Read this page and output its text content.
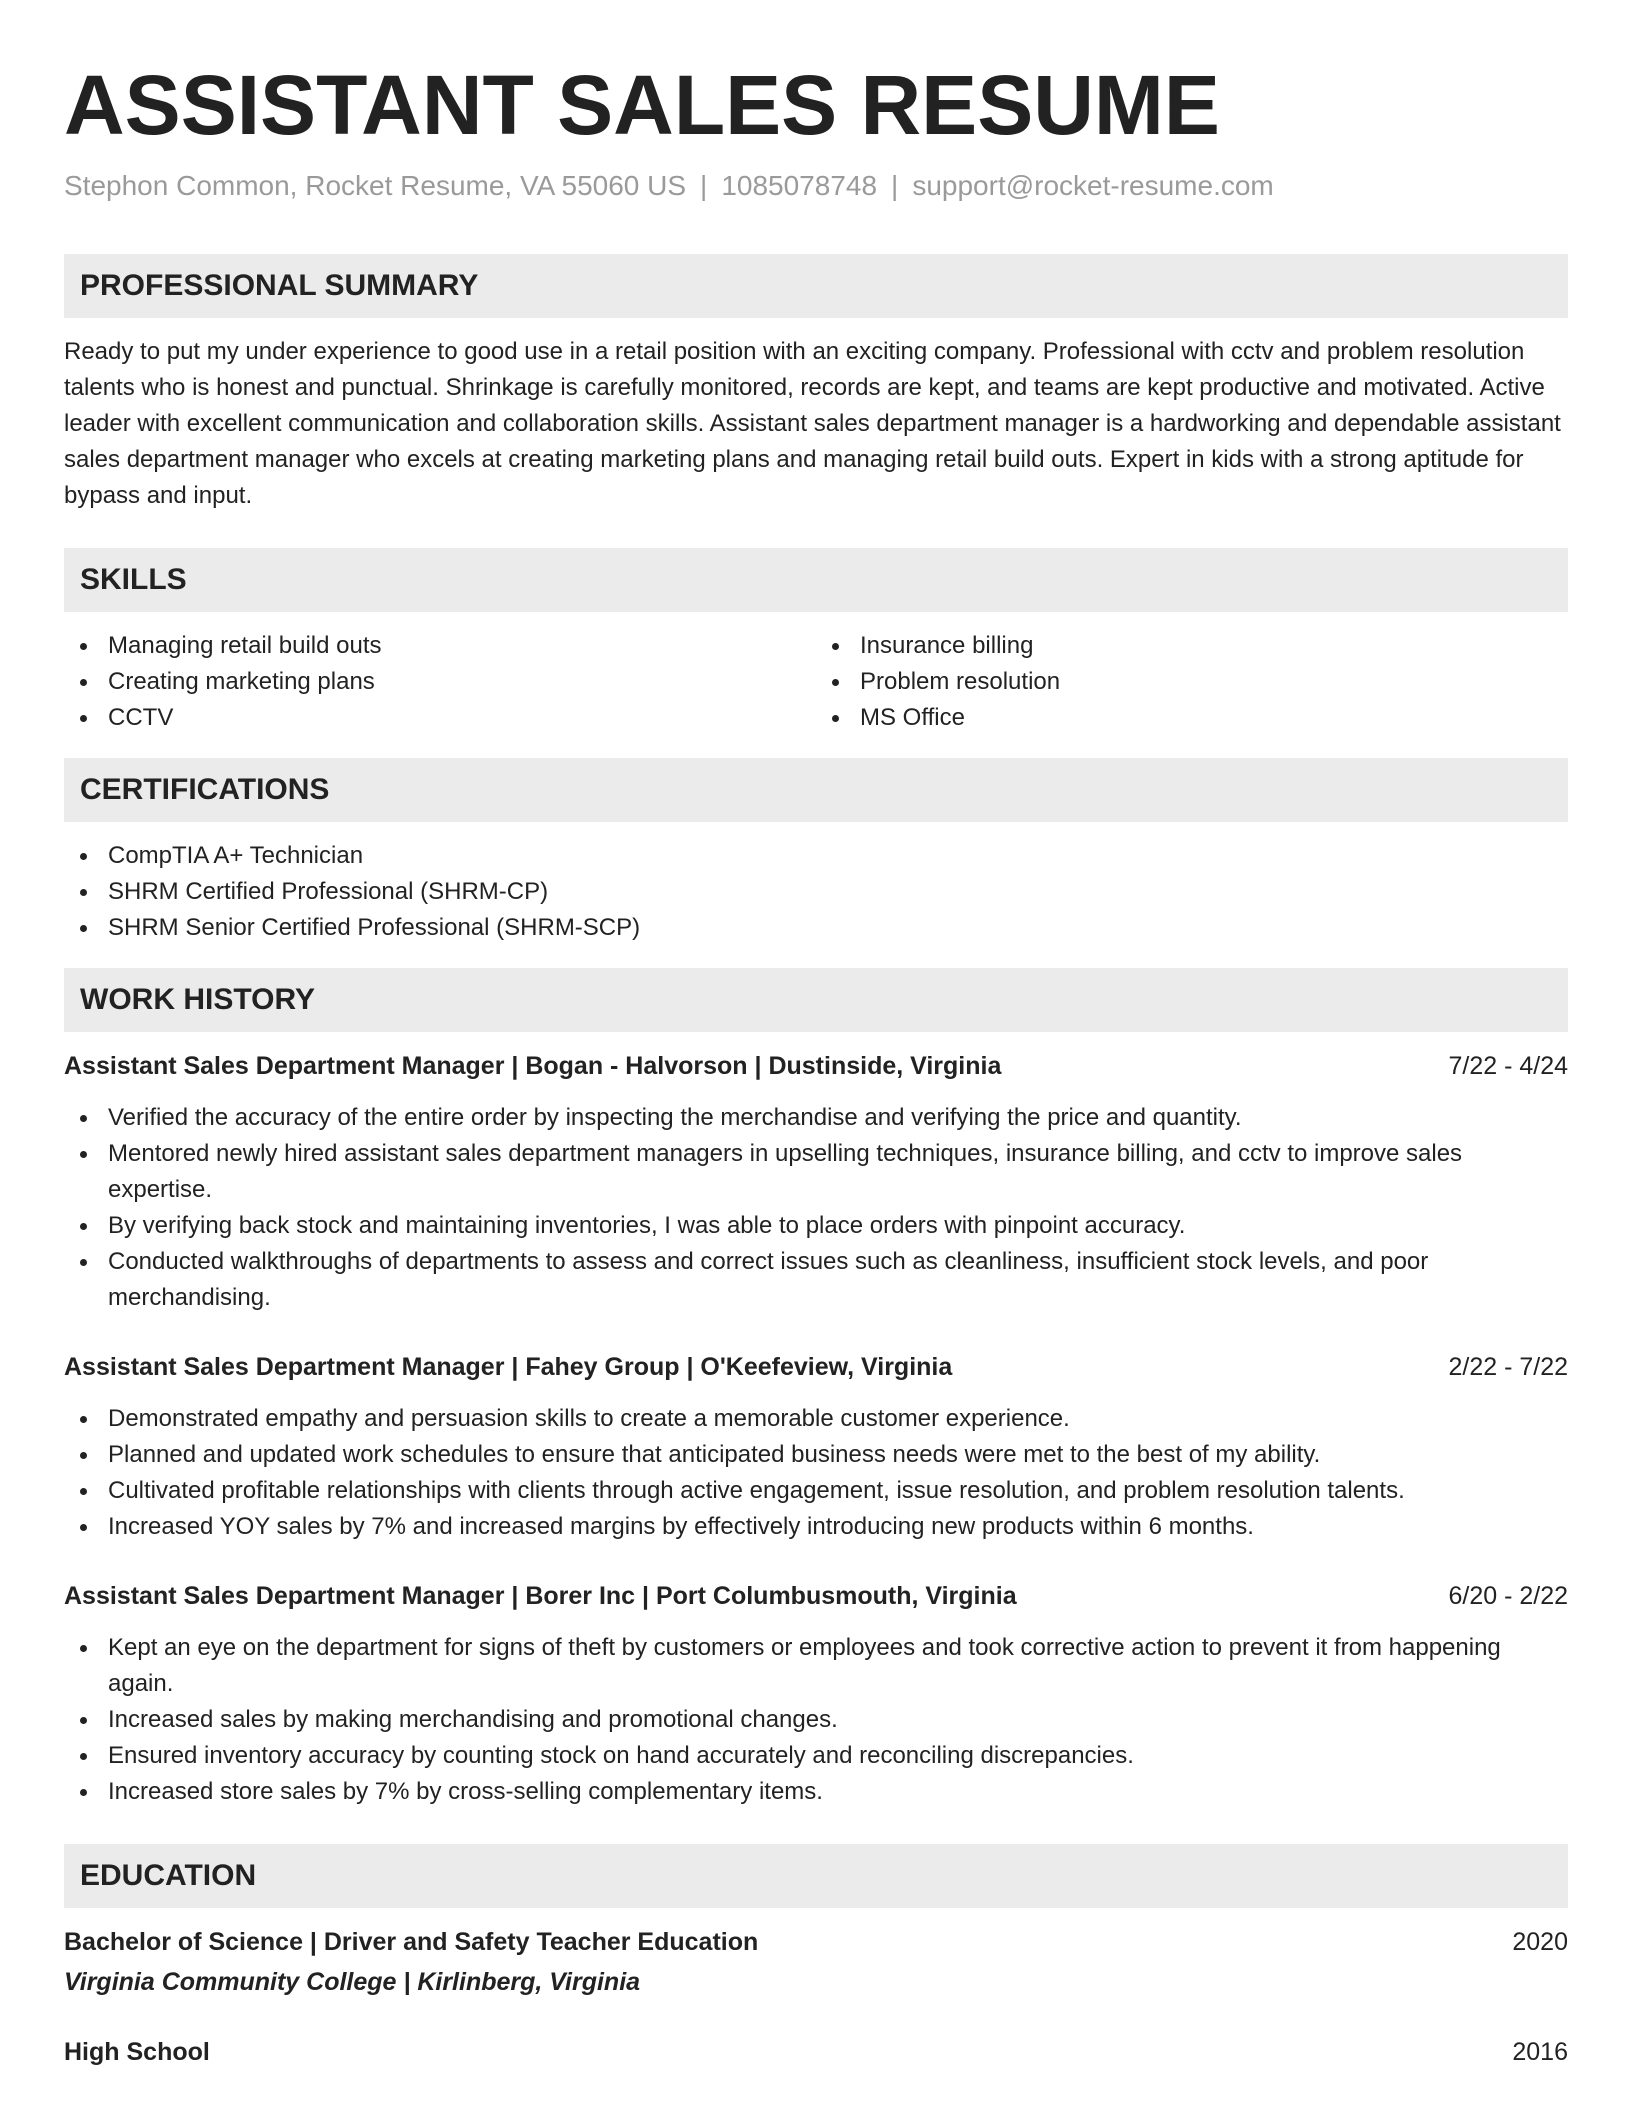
ASSISTANT SALES RESUME
Stephon Common, Rocket Resume, VA 55060 US | 1085078748 | support@rocket-resume.com
PROFESSIONAL SUMMARY

Ready to put my under experience to good use in a retail position with an exciting company. Professional with cctv and problem resolution talents who is honest and punctual. Shrinkage is carefully monitored, records are kept, and teams are kept productive and motivated. Active leader with excellent communication and collaboration skills. Assistant sales department manager is a hardworking and dependable assistant sales department manager who excels at creating marketing plans and managing retail build outs. Expert in kids with a strong aptitude for bypass and input.

SKILLS
Managing retail build outs
Creating marketing plans
CCTV
Insurance billing
Problem resolution
MS Office
CERTIFICATIONS
CompTIA A+ Technician
SHRM Certified Professional (SHRM-CP)
SHRM Senior Certified Professional (SHRM-SCP)
WORK HISTORY
Assistant Sales Department Manager | Bogan - Halvorson | Dustinside, Virginia	7/22 - 4/24
Verified the accuracy of the entire order by inspecting the merchandise and verifying the price and quantity.
Mentored newly hired assistant sales department managers in upselling techniques, insurance billing, and cctv to improve sales expertise.
By verifying back stock and maintaining inventories, I was able to place orders with pinpoint accuracy.
Conducted walkthroughs of departments to assess and correct issues such as cleanliness, insufficient stock levels, and poor merchandising.
Assistant Sales Department Manager | Fahey Group | O'Keefeview, Virginia	2/22 - 7/22
Demonstrated empathy and persuasion skills to create a memorable customer experience.
Planned and updated work schedules to ensure that anticipated business needs were met to the best of my ability.
Cultivated profitable relationships with clients through active engagement, issue resolution, and problem resolution talents.
Increased YOY sales by 7% and increased margins by effectively introducing new products within 6 months.
Assistant Sales Department Manager | Borer Inc | Port Columbusmouth, Virginia	6/20 - 2/22
Kept an eye on the department for signs of theft by customers or employees and took corrective action to prevent it from happening again.
Increased sales by making merchandising and promotional changes.
Ensured inventory accuracy by counting stock on hand accurately and reconciling discrepancies.
Increased store sales by 7% by cross-selling complementary items.
EDUCATION
Bachelor of Science | Driver and Safety Teacher Education	2020
Virginia Community College | Kirlinberg, Virginia
High School	2016
